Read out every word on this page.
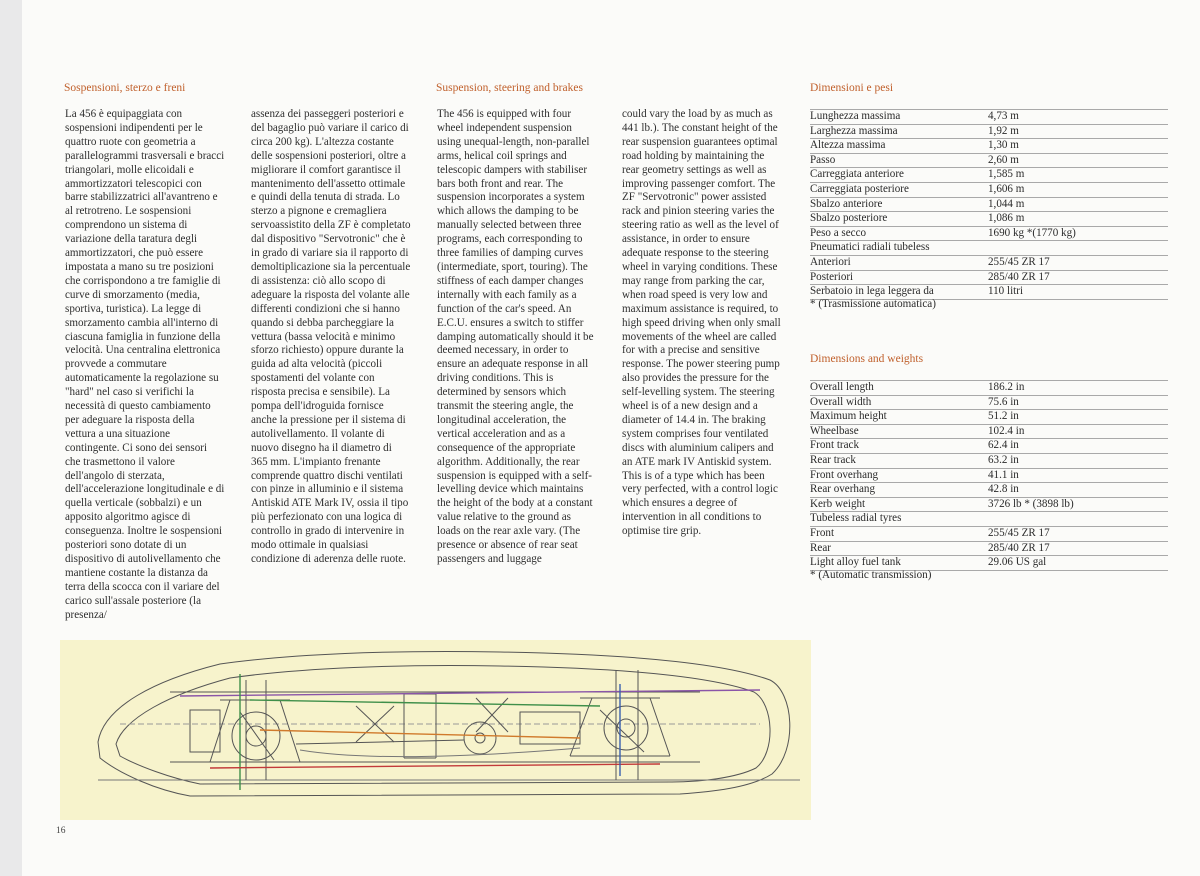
Sospensioni, sterzo e freni

La 456 è equipaggiata con sospensioni indipendenti per le quattro ruote con geometria a parallelogrammi trasversali e bracci triangolari, molle elicoidali e ammortizzatori telescopici con barre stabilizzatrici all'avantreno e al retrotreno. Le sospensioni comprendono un sistema di variazione della taratura degli ammortizzatori, che può essere impostata a mano su tre posizioni che corrispondono a tre famiglie di curve di smorzamento (media, sportiva, turistica). La legge di smorzamento cambia all'interno di ciascuna famiglia in funzione della velocità. Una centralina elettronica provvede a commutare automaticamente la regolazione su "hard" nel caso si verifichi la necessità di questo cambiamento per adeguare la risposta della vettura a una situazione contingente. Ci sono dei sensori che trasmettono il valore dell'angolo di sterzata, dell'accelerazione longitudinale e di quella verticale (sobbalzi) e un apposito algoritmo agisce di conseguenza. Inoltre le sospensioni posteriori sono dotate di un dispositivo di autolivellamento che mantiene costante la distanza da terra della scocca con il variare del carico sull'assale posteriore (la presenza/

assenza dei passeggeri posteriori e del bagaglio può variare il carico di circa 200 kg). L'altezza costante delle sospensioni posteriori, oltre a migliorare il comfort garantisce il mantenimento dell'assetto ottimale e quindi della tenuta di strada. Lo sterzo a pignone e cremagliera servoassistito della ZF è completato dal dispositivo "Servotronic" che è in grado di variare sia il rapporto di demoltiplicazione sia la percentuale di assistenza: ciò allo scopo di adeguare la risposta del volante alle differenti condizioni che si hanno quando si debba parcheggiare la vettura (bassa velocità e minimo sforzo richiesto) oppure durante la guida ad alta velocità (piccoli spostamenti del volante con risposta precisa e sensibile). La pompa dell'idroguida fornisce anche la pressione per il sistema di autolivellamento. Il volante di nuovo disegno ha il diametro di 365 mm. L'impianto frenante comprende quattro dischi ventilati con pinze in alluminio e il sistema Antiskid ATE Mark IV, ossia il tipo più perfezionato con una logica di controllo in grado di intervenire in modo ottimale in qualsiasi condizione di aderenza delle ruote.

Suspension, steering and brakes

The 456 is equipped with four wheel independent suspension using unequal-length, non-parallel arms, helical coil springs and telescopic dampers with stabiliser bars both front and rear. The suspension incorporates a system which allows the damping to be manually selected between three programs, each corresponding to three families of damping curves (intermediate, sport, touring). The stiffness of each damper changes internally with each family as a function of the car's speed. An E.C.U. ensures a switch to stiffer damping automatically should it be deemed necessary, in order to ensure an adequate response in all driving conditions. This is determined by sensors which transmit the steering angle, the longitudinal acceleration, the vertical acceleration and as a consequence of the appropriate algorithm. Additionally, the rear suspension is equipped with a self-levelling device which maintains the height of the body at a constant value relative to the ground as loads on the rear axle vary. (The presence or absence of rear seat passengers and luggage

could vary the load by as much as 441 lb.). The constant height of the rear suspension guarantees optimal road holding by maintaining the rear geometry settings as well as improving passenger comfort. The ZF "Servotronic" power assisted rack and pinion steering varies the steering ratio as well as the level of assistance, in order to ensure adequate response to the steering wheel in varying conditions. These may range from parking the car, when road speed is very low and maximum assistance is required, to high speed driving when only small movements of the wheel are called for with a precise and sensitive response. The power steering pump also provides the pressure for the self-levelling system. The steering wheel is of a new design and a diameter of 14.4 in. The braking system comprises four ventilated discs with aluminium calipers and an ATE mark IV Antiskid system. This is of a type which has been very perfected, with a control logic which ensures a degree of intervention in all conditions to optimise tire grip.

Dimensioni e pesi
Lunghezza massima	4,73 m
Larghezza massima	1,92 m
Altezza massima	1,30 m
Passo	2,60 m
Carreggiata anteriore	1,585 m
Carreggiata posteriore	1,606 m
Sbalzo anteriore	1,044 m
Sbalzo posteriore	1,086 m
Peso a secco	1690 kg *(1770 kg)
Pneumatici radiali tubeless
Anteriori	255/45 ZR 17
Posteriori	285/40 ZR 17
Serbatoio in lega leggera da	110 litri
* (Trasmissione automatica)
Dimensions and weights
Overall length	186.2 in
Overall width	75.6 in
Maximum height	51.2 in
Wheelbase	102.4 in
Front track	62.4 in
Rear track	63.2 in
Front overhang	41.1 in
Rear overhang	42.8 in
Kerb weight	3726 lb * (3898 lb)
Tubeless radial tyres
Front	255/45 ZR 17
Rear	285/40 ZR 17
Light alloy fuel tank	29.06 US gal
* (Automatic transmission)
16
